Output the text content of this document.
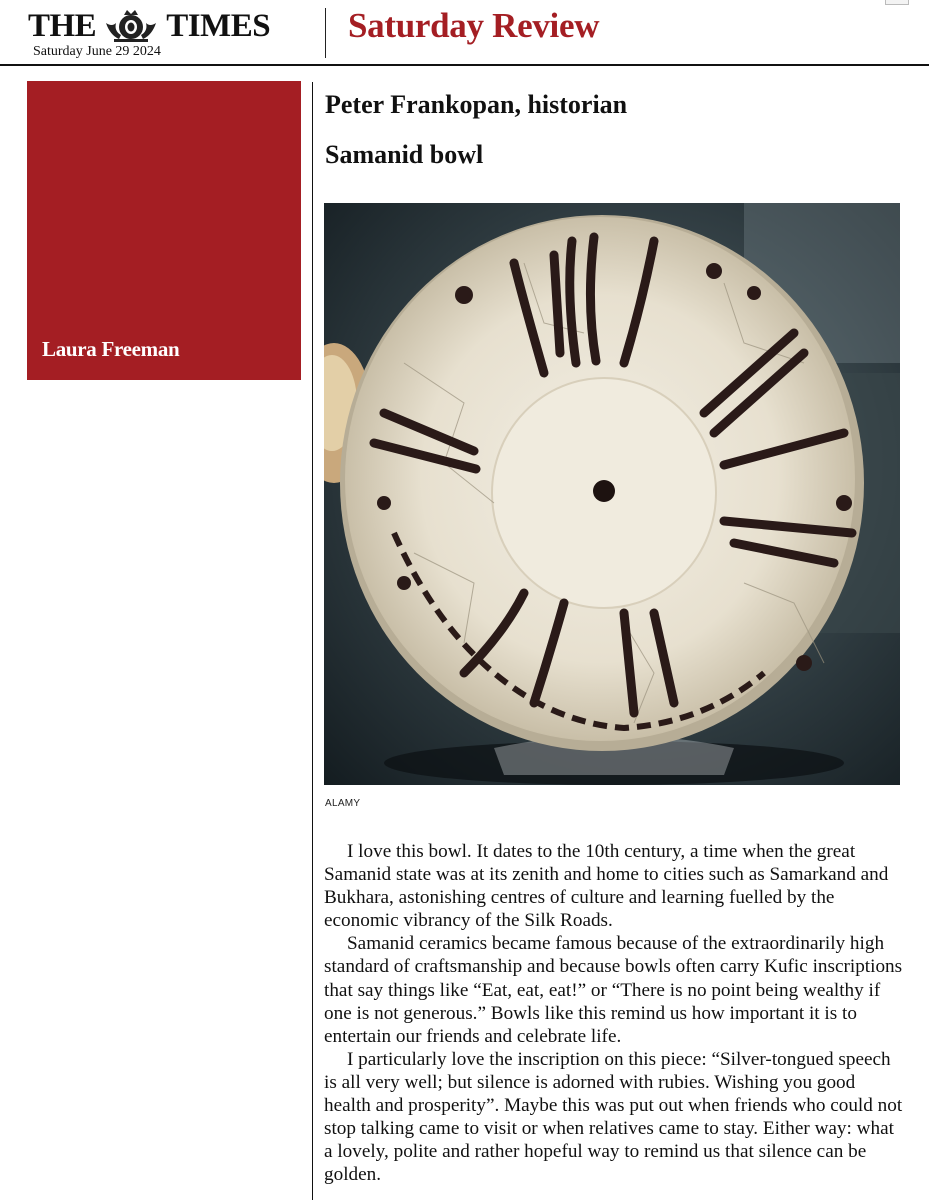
THE TIMES
Saturday June 29 2024
Saturday Review
Laura Freeman
Peter Frankopan, historian
Samanid bowl
ALAMY

I love this bowl. It dates to the 10th century, a time when the great Samanid state was at its zenith and home to cities such as Samarkand and Bukhara, astonishing centres of culture and learning fuelled by the economic vibrancy of the Silk Roads.

Samanid ceramics became famous because of the extraordinarily high standard of craftsmanship and because bowls often carry Kufic inscriptions that say things like “Eat, eat, eat!” or “There is no point being wealthy if one is not generous.” Bowls like this remind us how important it is to entertain our friends and celebrate life.

I particularly love the inscription on this piece: “Silver-tongued speech is all very well; but silence is adorned with rubies. Wishing you good health and prosperity”. Maybe this was put out when friends who could not stop talking came to visit or when relatives came to stay. Either way: what a lovely, polite and rather hopeful way to remind us that silence can be golden.
